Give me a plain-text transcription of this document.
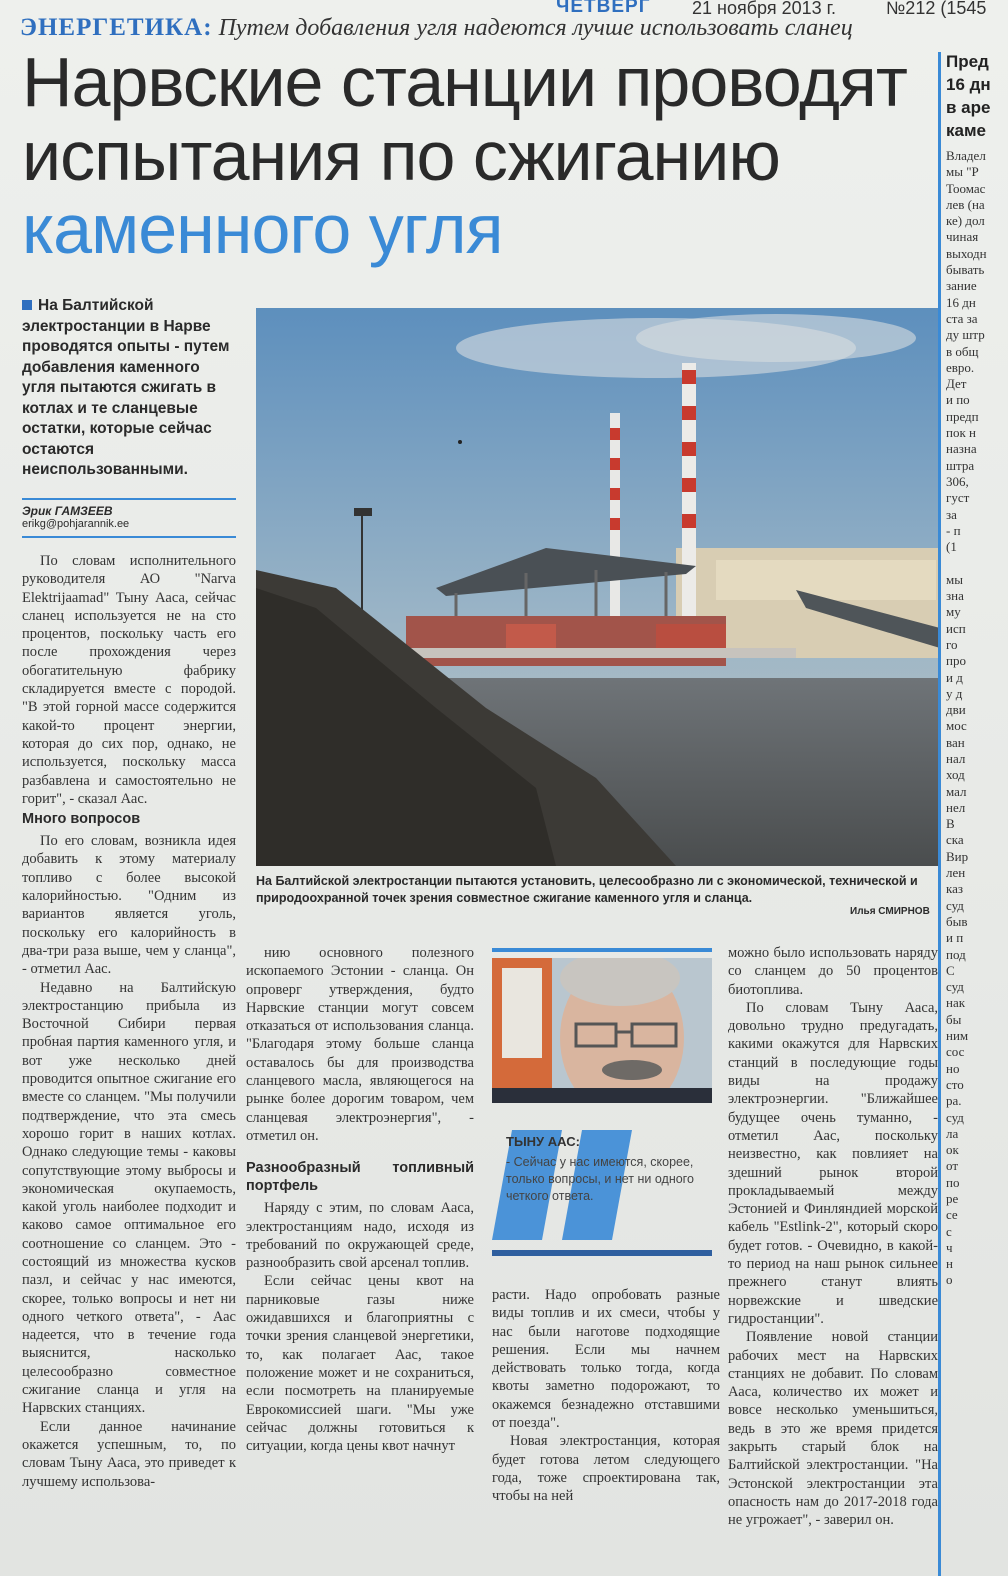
ЧЕТВЕРГ 21 ноября 2013 г.	№212 (1545
ЭНЕРГЕТИКА: Путем добавления угля надеются лучше использовать сланец
Нарвские станции проводят
испытания по сжиганию
каменного угля
На Балтийской электростанции в Нарве проводятся опыты - путем добавления каменного угля пытаются сжигать в котлах и те сланцевые остатки, которые сейчас остаются неиспользованными.
Эрик ГАМЗЕЕВ
erikg@pohjarannik.ee
На Балтийской электростанции пытаются установить, целесообразно ли с экономической, технической и природоохранной точек зрения совместное сжигание каменного угля и сланца.
Илья СМИРНОВ

По словам исполнительного руководителя АО "Narva Elektrijaamad" Тыну Ааса, сейчас сланец используется не на сто процентов, поскольку часть его после прохождения через обогатительную фабрику складируется вместе с породой. "В этой горной массе содержится какой-то процент энергии, которая до сих пор, однако, не используется, поскольку масса разбавлена и самостоятельно не горит", - сказал Аас.

Много вопросов

По его словам, возникла идея добавить к этому материалу топливо с более высокой калорийностью. "Одним из вариантов является уголь, поскольку его калорийность в два-три раза выше, чем у сланца", - отметил Аас.

Недавно на Балтийскую электростанцию прибыла из Восточной Сибири первая пробная партия каменного угля, и вот уже несколько дней проводится опытное сжигание его вместе со сланцем. "Мы получили подтверждение, что эта смесь хорошо горит в наших котлах. Однако следующие темы - каковы сопутствующие этому выбросы и экономическая окупаемость, какой уголь наиболее подходит и каково самое оптимальное его соотношение со сланцем. Это - состоящий из множества кусков пазл, и сейчас у нас имеются, скорее, только вопросы и нет ни одного четкого ответа", - Аас надеется, что в течение года выяснится, насколько целесообразно совместное сжигание сланца и угля на Нарвских станциях.

Если данное начинание окажется успешным, то, по словам Тыну Ааса, это приведет к лучшему использова-

нию основного полезного ископаемого Эстонии - сланца. Он опроверг утверждения, будто Нарвские станции могут совсем отказаться от использования сланца. "Благодаря этому больше сланца оставалось бы для производства сланцевого масла, являющегося на рынке более дорогим товаром, чем сланцевая электроэнергия", - отметил он.

Разнообразный топливный портфель

Наряду с этим, по словам Ааса, электростанциям надо, исходя из требований по окружающей среде, разнообразить свой арсенал топлив.

Если сейчас цены квот на парниковые газы ниже ожидавшихся и благоприятны с точки зрения сланцевой энергетики, то, как полагает Аас, такое положение может и не сохраниться, если посмотреть на планируемые Еврокомиссией шаги. "Мы уже сейчас должны готовиться к ситуации, когда цены квот начнут

ТЫНУ ААС:
- Сейчас у нас имеются, скорее, только вопросы, и нет ни одного четкого ответа.

расти. Надо опробовать разные виды топлив и их смеси, чтобы у нас были наготове подходящие решения. Если мы начнем действовать только тогда, когда квоты заметно подорожают, то окажемся безнадежно отставшими от поезда".

Новая электростанция, которая будет готова летом следующего года, тоже спроектирована так, чтобы на ней

можно было использовать наряду со сланцем до 50 процентов биотоплива.

По словам Тыну Ааса, довольно трудно предугадать, какими окажутся для Нарвских станций в последующие годы виды на продажу электроэнергии. "Ближайшее будущее очень туманно, - отметил Аас, поскольку неизвестно, как повлияет на здешний рынок второй прокладываемый между Эстонией и Финляндией морской кабель "Estlink-2", который скоро будет готов. - Очевидно, в какой-то период на наш рынок сильнее прежнего станут влиять норвежские и шведские гидростанции".

Появление новой станции рабочих мест на Нарвских станциях не добавит. По словам Ааса, количество их может и вовсе несколько уменьшиться, ведь в это же время придется закрыть старый блок на Балтийской электростанции. "На Эстонской электростанции эта опасность нам до 2017-2018 года не угрожает", - заверил он.

Пред
16 дн
в аре
каме
Владел
мы "Р
Тоомас
лев (на
ке) дол
чиная
выходн
бывать
зание
16 дн
ста за
ду штр
в общ
евро.
Дет
и по
предп
пок н
назна
штра
306,
густ
за
- п
(1

мы
зна
му
исп
го
про
и д
у д
дви
мос
ван
нал
ход
мал
нел
В
ска
Вир
лен
каз
суд
быв
и п
под
С
суд
нак
бы
ним
сос
но
сто
ра.
суд
ла
ок
от
по
ре
се
с
ч
н
о
